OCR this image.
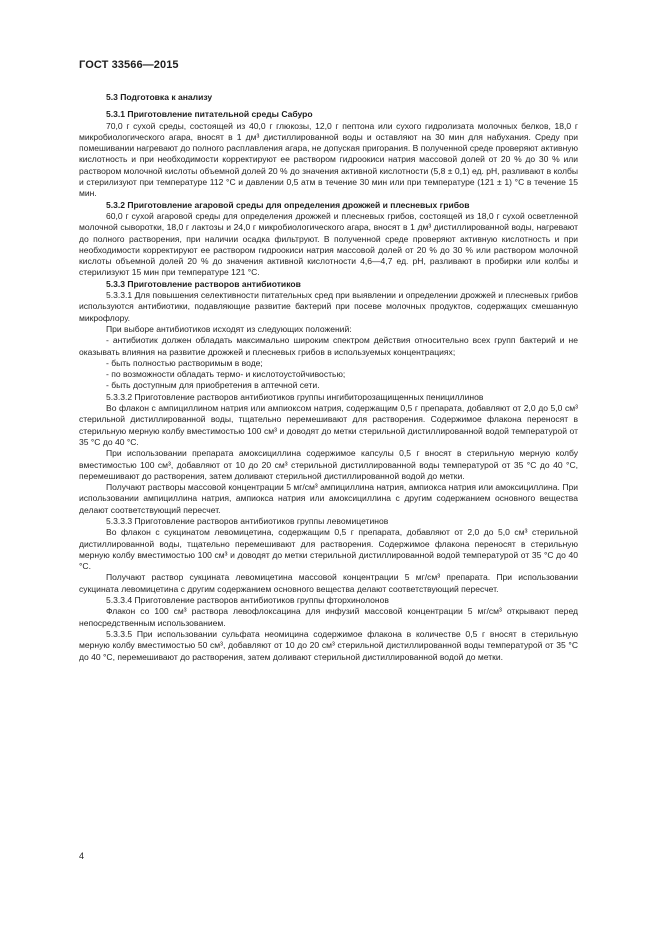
ГОСТ 33566—2015

5.3 Подготовка к анализу

5.3.1 Приготовление питательной среды Сабуро

70,0 г сухой среды, состоящей из 40,0 г глюкозы, 12,0 г пептона или сухого гидролизата молочных белков, 18,0 г микробиологического агара, вносят в 1 дм³ дистиллированной воды и оставляют на 30 мин для набухания. Среду при помешивании нагревают до полного расплавления агара, не допуская пригорания. В полученной среде проверяют активную кислотность и при необходимости корректируют ее раствором гидроокиси натрия массовой долей от 20 % до 30 % или раствором молочной кислоты объемной долей 20 % до значения активной кислотности (5,8 ± 0,1) ед. pH, разливают в колбы и стерилизуют при температуре 112 °C и давлении 0,5 атм в течение 30 мин или при температуре (121 ± 1) °C в течение 15 мин.

5.3.2 Приготовление агаровой среды для определения дрожжей и плесневых грибов

60,0 г сухой агаровой среды для определения дрожжей и плесневых грибов, состоящей из 18,0 г сухой осветленной молочной сыворотки, 18,0 г лактозы и 24,0 г микробиологического агара, вносят в 1 дм³ дистиллированной воды, нагревают до полного растворения, при наличии осадка фильтруют. В полученной среде проверяют активную кислотность и при необходимости корректируют ее раствором гидроокиси натрия массовой долей от 20 % до 30 % или раствором молочной кислоты объемной долей 20 % до значения активной кислотности 4,6—4,7 ед. pH, разливают в пробирки или колбы и стерилизуют 15 мин при температуре 121 °C.

5.3.3 Приготовление растворов антибиотиков

5.3.3.1 Для повышения селективности питательных сред при выявлении и определении дрожжей и плесневых грибов используются антибиотики, подавляющие развитие бактерий при посеве молочных продуктов, содержащих смешанную микрофлору.

При выборе антибиотиков исходят из следующих положений:

- антибиотик должен обладать максимально широким спектром действия относительно всех групп бактерий и не оказывать влияния на развитие дрожжей и плесневых грибов в используемых концентрациях;

- быть полностью растворимым в воде;

- по возможности обладать термо- и кислотоустойчивостью;

- быть доступным для приобретения в аптечной сети.

5.3.3.2 Приготовление растворов антибиотиков группы ингибиторозащищенных пенициллинов

Во флакон с ампициллином натрия или ампиоксом натрия, содержащим 0,5 г препарата, добавляют от 2,0 до 5,0 см³ стерильной дистиллированной воды, тщательно перемешивают для растворения. Содержимое флакона переносят в стерильную мерную колбу вместимостью 100 см³ и доводят до метки стерильной дистиллированной водой температурой от 35 °C до 40 °C.

При использовании препарата амоксициллина содержимое капсулы 0,5 г вносят в стерильную мерную колбу вместимостью 100 см³, добавляют от 10 до 20 см³ стерильной дистиллированной воды температурой от 35 °C до 40 °C, перемешивают до растворения, затем доливают стерильной дистиллированной водой до метки.

Получают растворы массовой концентрации 5 мг/см³ ампициллина натрия, ампиокса натрия или амоксициллина. При использовании ампициллина натрия, ампиокса натрия или амоксициллина с другим содержанием основного вещества делают соответствующий пересчет.

5.3.3.3 Приготовление растворов антибиотиков группы левомицетинов

Во флакон с сукцинатом левомицетина, содержащим 0,5 г препарата, добавляют от 2,0 до 5,0 см³ стерильной дистиллированной воды, тщательно перемешивают для растворения. Содержимое флакона переносят в стерильную мерную колбу вместимостью 100 см³ и доводят до метки стерильной дистиллированной водой температурой от 35 °C до 40 °C.

Получают раствор сукцината левомицетина массовой концентрации 5 мг/см³ препарата. При использовании сукцината левомицетина с другим содержанием основного вещества делают соответствующий пересчет.

5.3.3.4 Приготовление растворов антибиотиков группы фторхинолонов

Флакон со 100 см³ раствора левофлоксацина для инфузий массовой концентрации 5 мг/см³ открывают перед непосредственным использованием.

5.3.3.5 При использовании сульфата неомицина содержимое флакона в количестве 0,5 г вносят в стерильную мерную колбу вместимостью 50 см³, добавляют от 10 до 20 см³ стерильной дистиллированной воды температурой от 35 °C до 40 °C, перемешивают до растворения, затем доливают стерильной дистиллированной водой до метки.

4
